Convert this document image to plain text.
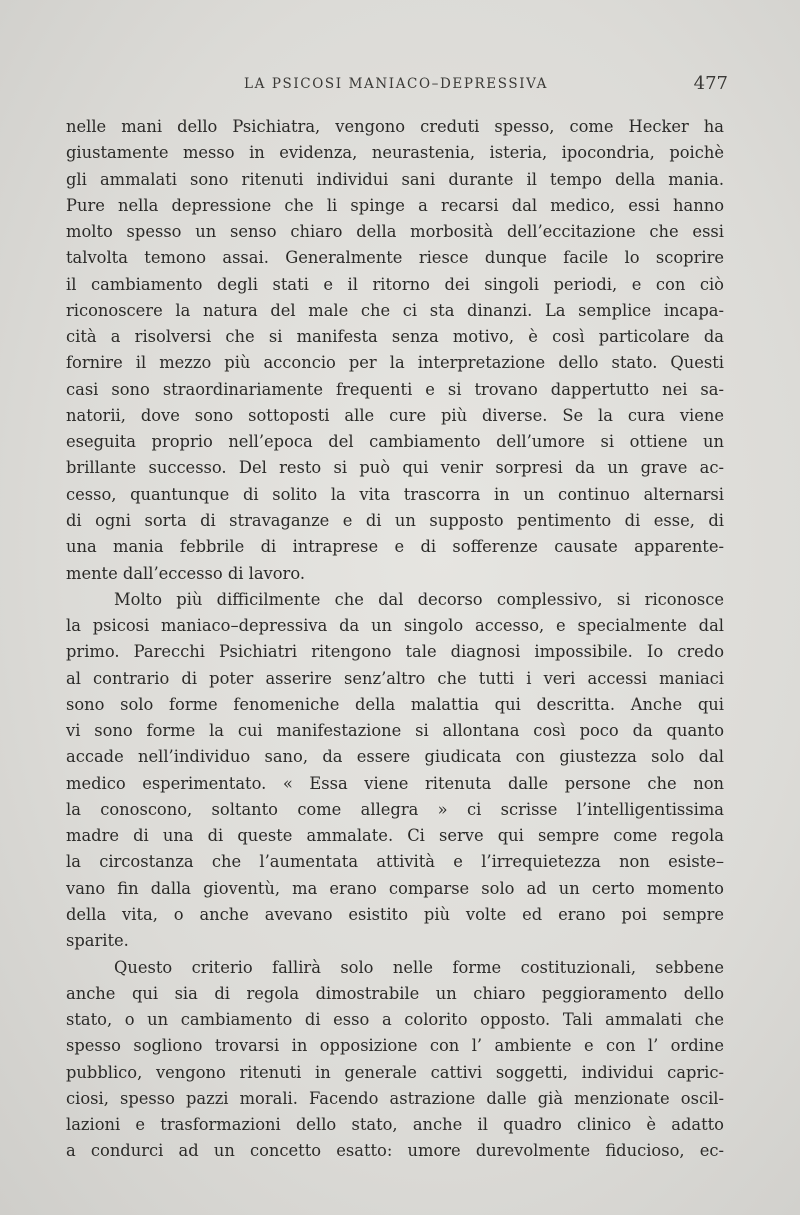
LA PSICOSI MANIACO–DEPRESSIVA	477
nelle mani dello Psichiatra, vengono creduti spesso, come Hecker ha
giustamente messo in evidenza, neurastenia, isteria, ipocondria, poichè
gli ammalati sono ritenuti individui sani durante il tempo della mania.
Pure nella depressione che li spinge a recarsi dal medico, essi hanno
molto spesso un senso chiaro della morbosità dell’eccitazione che essi
talvolta temono assai. Generalmente riesce dunque facile lo scoprire
il cambiamento degli stati e il ritorno dei singoli periodi, e con ciò
riconoscere la natura del male che ci sta dinanzi. La semplice incapa-
cità a risolversi che si manifesta senza motivo, è così particolare da
fornire il mezzo più acconcio per la interpretazione dello stato. Questi
casi sono straordinariamente frequenti e si trovano dappertutto nei sa-
natorii, dove sono sottoposti alle cure più diverse. Se la cura viene
eseguita proprio nell’epoca del cambiamento dell’umore si ottiene un
brillante successo. Del resto si può qui venir sorpresi da un grave ac-
cesso, quantunque di solito la vita trascorra in un continuo alternarsi
di ogni sorta di stravaganze e di un supposto pentimento di esse, di
una mania febbrile di intraprese e di sofferenze causate apparente-
mente dall’eccesso di lavoro.
Molto più difficilmente che dal decorso complessivo, si riconosce
la psicosi maniaco–depressiva da un singolo accesso, e specialmente dal
primo. Parecchi Psichiatri ritengono tale diagnosi impossibile. Io credo
al contrario di poter asserire senz’altro che tutti i veri accessi maniaci
sono solo forme fenomeniche della malattia qui descritta. Anche qui
vi sono forme la cui manifestazione si allontana così poco da quanto
accade nell’individuo sano, da essere giudicata con giustezza solo dal
medico esperimentato. « Essa viene ritenuta dalle persone che non
la conoscono, soltanto come allegra » ci scrisse l’intelligentissima
madre di una di queste ammalate. Ci serve qui sempre come regola
la circostanza che l’aumentata attività e l’irrequietezza non esiste–
vano fin dalla gioventù, ma erano comparse solo ad un certo momento
della vita, o anche avevano esistito più volte ed erano poi sempre
sparite.
Questo criterio fallirà solo nelle forme costituzionali, sebbene
anche qui sia di regola dimostrabile un chiaro peggioramento dello
stato, o un cambiamento di esso a colorito opposto. Tali ammalati che
spesso sogliono trovarsi in opposizione con l’ ambiente e con l’ ordine
pubblico, vengono ritenuti in generale cattivi soggetti, individui capric-
ciosi, spesso pazzi morali. Facendo astrazione dalle già menzionate oscil-
lazioni e trasformazioni dello stato, anche il quadro clinico è adatto
a condurci ad un concetto esatto: umore durevolmente fiducioso, ec-
